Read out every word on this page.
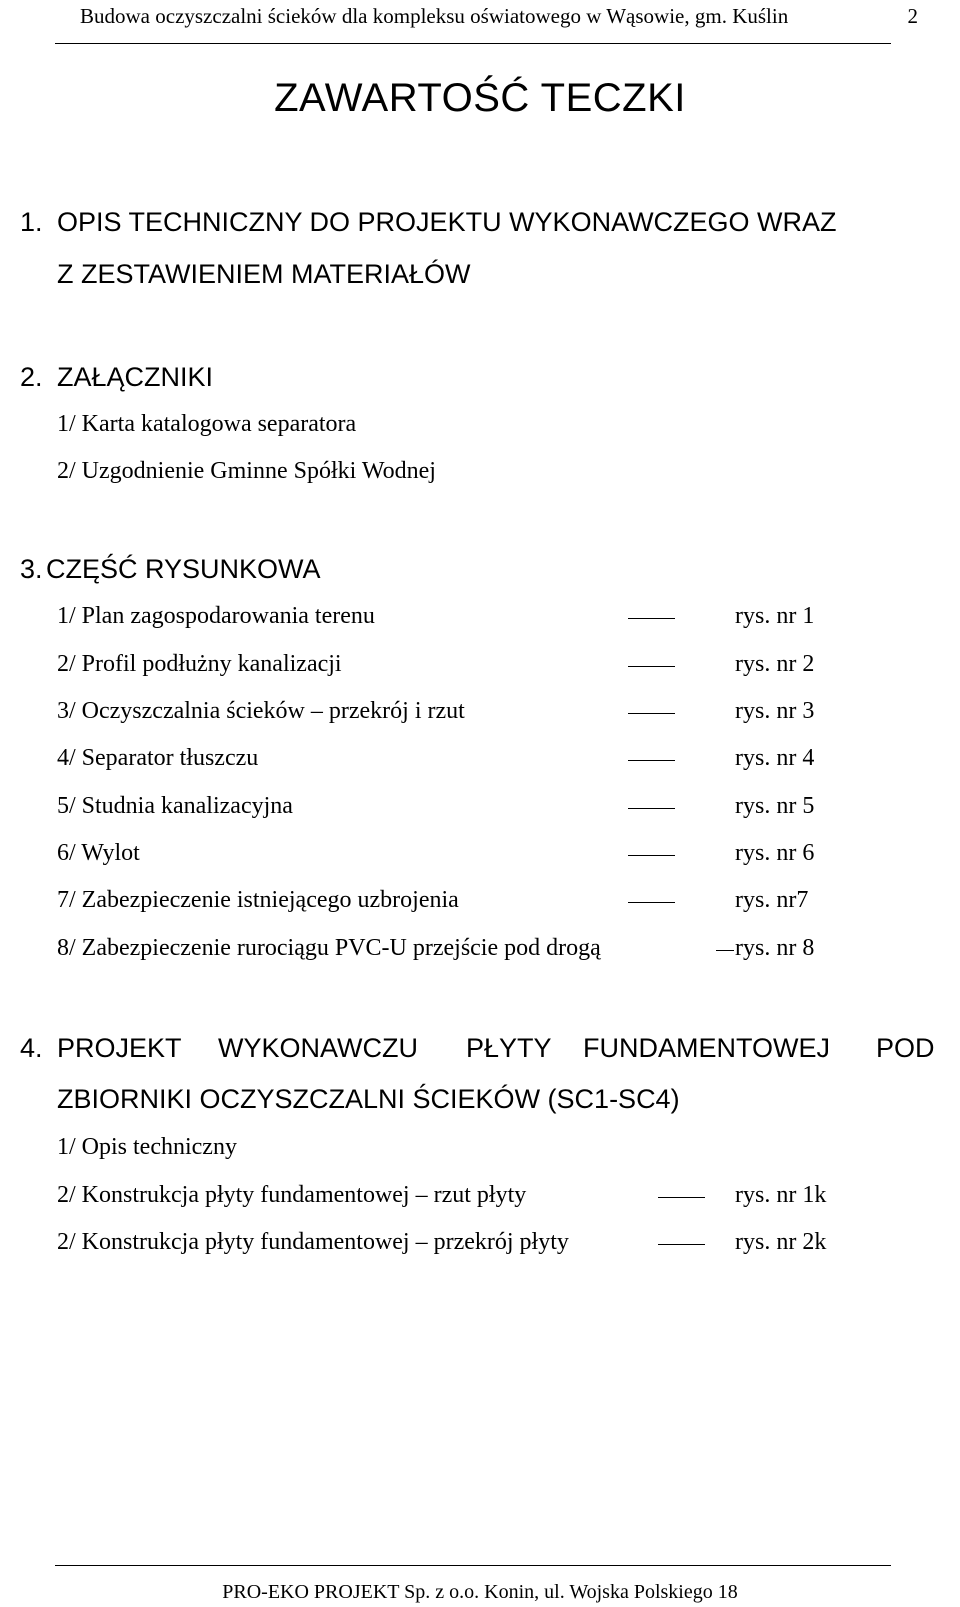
Budowa oczyszczalni ścieków dla kompleksu oświatowego w Wąsowie, gm. Kuślin	2
ZAWARTOŚĆ TECZKI
1. OPIS TECHNICZNY DO PROJEKTU WYKONAWCZEGO WRAZ
Z ZESTAWIENIEM MATERIAŁÓW
2. ZAŁĄCZNIKI
1/ Karta katalogowa separatora
2/ Uzgodnienie Gminne Spółki Wodnej
3. CZĘŚĆ RYSUNKOWA
1/ Plan zagospodarowania terenu	rys. nr 1
2/ Profil podłużny kanalizacji	rys. nr 2
3/ Oczyszczalnia ścieków – przekrój i rzut	rys. nr 3
4/ Separator tłuszczu	rys. nr 4
5/ Studnia kanalizacyjna	rys. nr 5
6/ Wylot	rys. nr 6
7/ Zabezpieczenie istniejącego uzbrojenia	rys. nr7
8/ Zabezpieczenie rurociągu PVC-U przejście pod drogą	rys. nr 8
4. PROJEKT WYKONAWCZU PŁYTY FUNDAMENTOWEJ POD
ZBIORNIKI OCZYSZCZALNI ŚCIEKÓW (SC1-SC4)
1/ Opis techniczny
2/ Konstrukcja płyty fundamentowej – rzut płyty	rys. nr 1k
2/ Konstrukcja płyty fundamentowej – przekrój płyty	rys. nr 2k
PRO-EKO PROJEKT Sp. z o.o. Konin, ul. Wojska Polskiego 18
